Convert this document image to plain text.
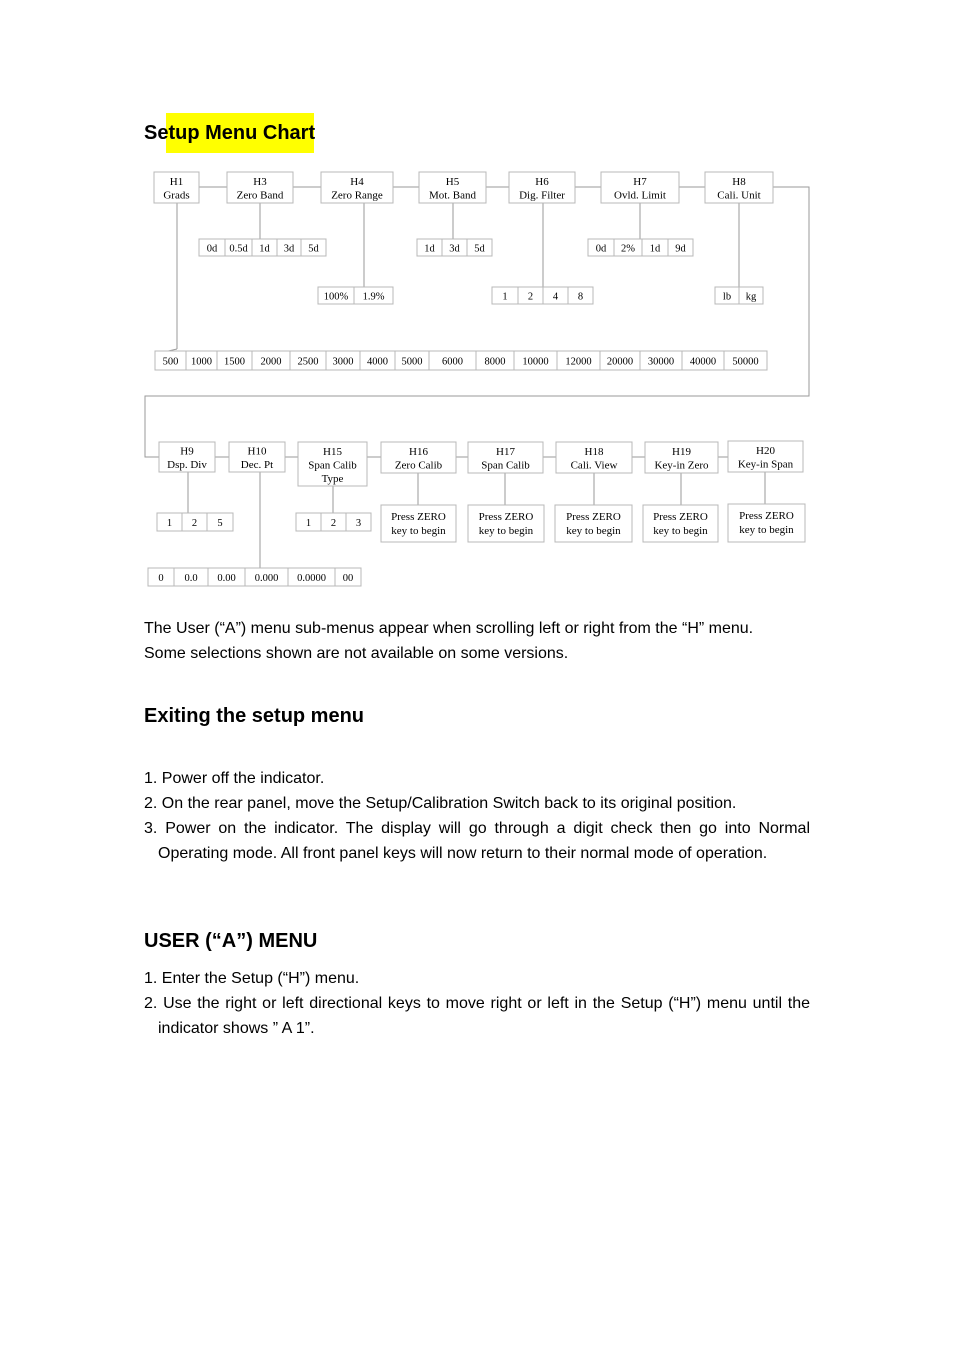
Setup Menu Chart
H1
Grads
H3
Zero Band
H4
Zero Range
H5
Mot. Band
H6
Dig. Filter
H7
Ovld. Limit
H8
Cali. Unit
0d 0.5d 1d 3d 5d
100% 1.9%
1d 3d 5d
1 2 4 8
0d 2% 1d 9d
lb kg
500 1000 1500 2000 2500 3000 4000 5000 6000 8000 10000 12000 20000 30000 40000 50000
H9
Dsp. Div
H10
Dec. Pt
H15
Span Calib
Type
H16
Zero Calib
H17
Span Calib
H18
Cali. View
H19
Key-in Zero
H20
Key-in Span
1 2 5	1 2 3
0 0.0 0.00 0.000 0.0000 00
Press ZERO
key to begin
Press ZERO
key to begin
Press ZERO
key to begin
Press ZERO
key to begin
Press ZERO
key to begin

The User (“A”) menu sub-menus appear when scrolling left or right from the “H” menu.

Some selections shown are not available on some versions.

Exiting the setup menu
1. Power off the indicator.
2. On the rear panel, move the Setup/Calibration Switch back to its original position.
3. Power on the indicator. The display will go through a digit check then go into Normal Operating mode. All front panel keys will now return to their normal mode of operation.
USER (“A”) MENU
1. Enter the Setup (“H”) menu.
2. Use the right or left directional keys to move right or left in the Setup (“H”) menu until the indicator shows ” A 1”.
